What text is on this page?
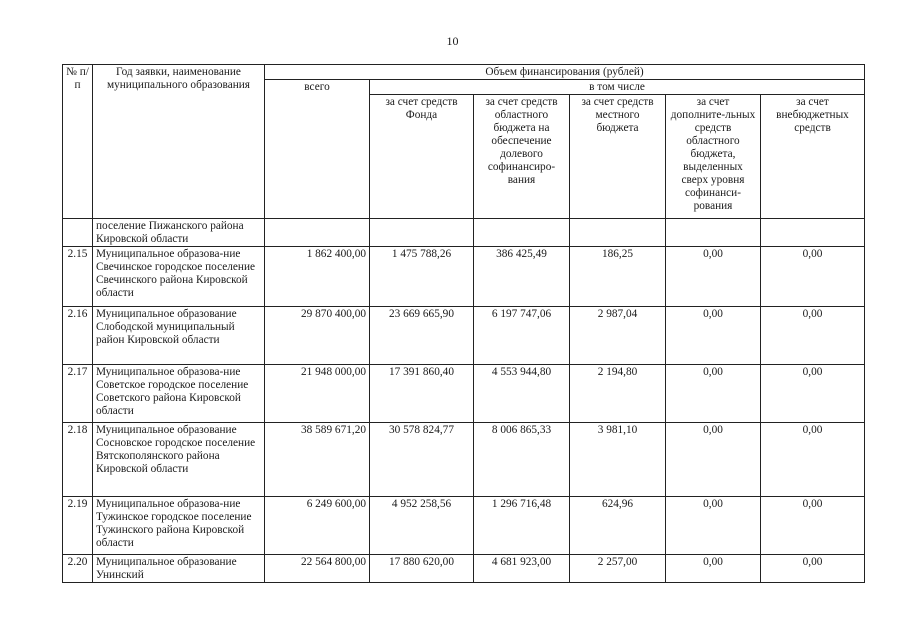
10
№ п/п	Год заявки, наименование муниципального образования	Объем финансирования (рублей)					
		всего	в том числе				
			за счет средств Фонда	за счет средств областного бюджета на обеспечение долевого софинансиро-вания	за счет средств местного бюджета	за счет дополните-льных средств областного бюджета, выделенных сверх уровня софинанси-рования	за счет внебюджетных средств
	поселение Пижанского района Кировской области						
2.15	Муниципальное образова-ние Свечинское городское поселение Свечинского района Кировской области	1 862 400,00	1 475 788,26	386 425,49	186,25	0,00	0,00
2.16	Муниципальное образование Слободской муниципальный район Кировской области	29 870 400,00	23 669 665,90	6 197 747,06	2 987,04	0,00	0,00
2.17	Муниципальное образова-ние Советское городское поселение Советского района Кировской области	21 948 000,00	17 391 860,40	4 553 944,80	2 194,80	0,00	0,00
2.18	Муниципальное образование Сосновское городское поселение Вятскополянского района Кировской области	38 589 671,20	30 578 824,77	8 006 865,33	3 981,10	0,00	0,00
2.19	Муниципальное образова-ние Тужинское городское поселение Тужинского района Кировской области	6 249 600,00	4 952 258,56	1 296 716,48	624,96	0,00	0,00
2.20	Муниципальное образование Унинский	22 564 800,00	17 880 620,00	4 681 923,00	2 257,00	0,00	0,00
